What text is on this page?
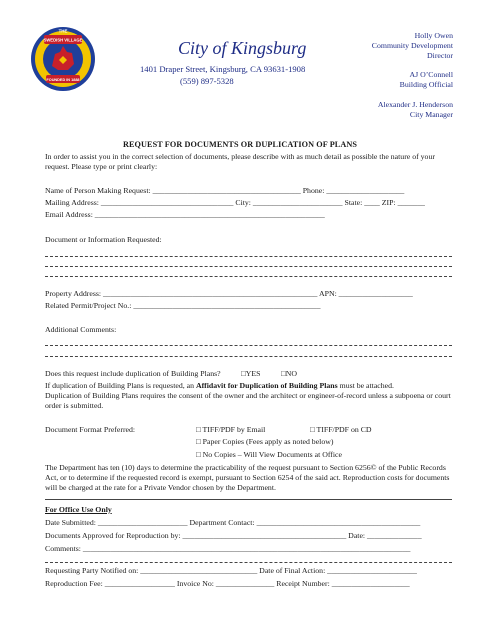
THE
SWEDISH VILLAGE
FOUNDED IN 1888
City of Kingsburg
1401 Draper Street, Kingsburg, CA 93631-1908
(559) 897-5328
Holly Owen
Community Development
Director
AJ O’Connell
Building Official
Alexander J. Henderson
City Manager
REQUEST FOR DOCUMENTS OR DUPLICATION OF PLANS
In order to assist you in the correct selection of documents, please describe with as much detail as possible the nature of your request. Please type or print clearly:
Name of Person Making Request: ______________________________________ Phone: ____________________
Mailing Address: __________________________________ City: _______________________ State: ____ ZIP: _______
Email Address: ___________________________________________________________
Document or Information Requested:
Property Address: _______________________________________________________ APN: ___________________
Related Permit/Project No.: ________________________________________________
Additional Comments:
Does this request include duplication of Building Plans?	□YES	□NO
If duplication of Building Plans is requested, an Affidavit for Duplication of Building Plans must be attached.
Duplication of Building Plans requires the consent of the owner and the architect or engineer-of-record unless a subpoena or court order is submitted.
Document Format Preferred:	□ TIFF/PDF by Email	□ TIFF/PDF on CD
□ Paper Copies (Fees apply as noted below)
□ No Copies – Will View Documents at Office
The Department has ten (10) days to determine the practicability of the request pursuant to Section 6256© of the Public Records Act, or to determine if the requested record is exempt, pursuant to Section 6254 of the said act. Reproduction costs for documents will be charged at the rate for a Private Vendor chosen by the Department.
For Office Use Only
Date Submitted: _______________________ Department Contact: __________________________________________
Documents Approved for Reproduction by: __________________________________________ Date: ______________
Comments: ____________________________________________________________________________________
Requesting Party Notified on: ______________________________ Date of Final Action: _______________________
Reproduction Fee: __________________ Invoice No: _______________ Receipt Number: ____________________
